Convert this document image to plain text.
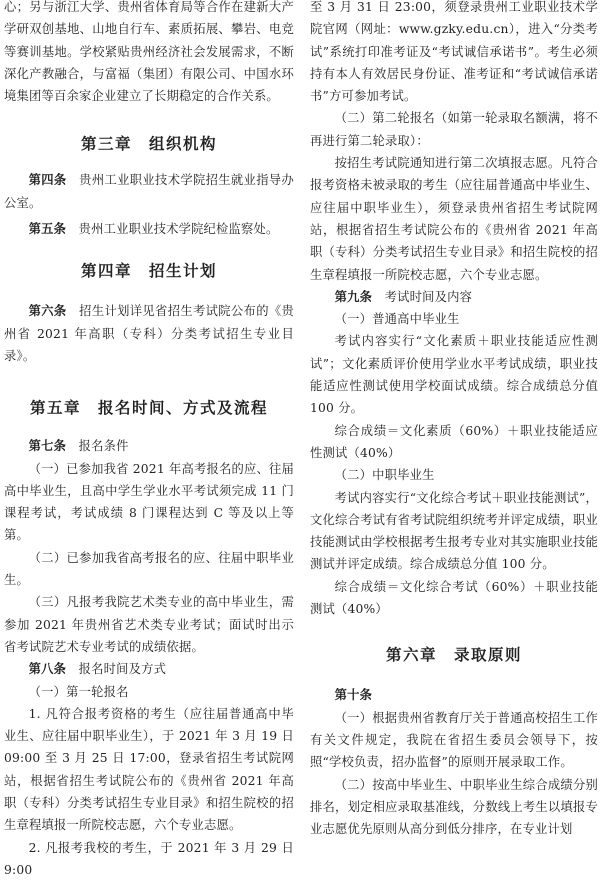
心；另与浙江大学、贵州省体育局等合作在建新大产学研双创基地、山地自行车、素质拓展、攀岩、电竞等赛训基地。学校紧贴贵州经济社会发展需求，不断深化产教融合，与富福（集团）有限公司、中国水环境集团等百余家企业建立了长期稳定的合作关系。

第三章　组织机构

第四条　贵州工业职业技术学院招生就业指导办公室。

第五条　贵州工业职业技术学院纪检监察处。

第四章　招生计划

第六条　招生计划详见省招生考试院公布的《贵州省 2021 年高职（专科）分类考试招生专业目录》。

第五章　报名时间、方式及流程

第七条　报名条件

（一）已参加我省 2021 年高考报名的应、往届高中毕业生，且高中学生学业水平考试须完成 11 门课程考试，考试成绩 8 门课程达到 C 等及以上等第。

（二）已参加我省高考报名的应、往届中职毕业生。

（三）凡报考我院艺术类专业的高中毕业生，需参加 2021 年贵州省艺术类专业考试；面试时出示省考试院艺术专业考试的成绩依据。

第八条　报名时间及方式

（一）第一轮报名

1. 凡符合报考资格的考生（应往届普通高中毕业生、应往届中职毕业生），于 2021 年 3 月 19 日 09:00 至 3 月 25 日 17:00，登录省招生考试院网站，根据省招生考试院公布的《贵州省 2021 年高职（专科）分类考试招生专业目录》和招生院校的招生章程填报一所院校志愿，六个专业志愿。

2. 凡报考我校的考生，于 2021 年 3 月 29 日 9:00

至 3 月 31 日 23:00，须登录贵州工业职业技术学院官网（网址：www.gzky.edu.cn），进入“分类考试”系统打印准考证及“考试诚信承诺书”。考生必须持有本人有效居民身份证、准考证和“考试诚信承诺书”方可参加考试。

（二）第二轮报名（如第一轮录取名额满，将不再进行第二轮录取）：

按招生考试院通知进行第二次填报志愿。凡符合报考资格未被录取的考生（应往届普通高中毕业生、应往届中职毕业生），须登录贵州省招生考试院网站，根据省招生考试院公布的《贵州省 2021 年高职（专科）分类考试招生专业目录》和招生院校的招生章程填报一所院校志愿，六个专业志愿。

第九条　考试时间及内容

（一）普通高中毕业生

考试内容实行“文化素质＋职业技能适应性测试”；文化素质评价使用学业水平考试成绩，职业技能适应性测试使用学校面试成绩。综合成绩总分值 100 分。

综合成绩＝文化素质（60%）＋职业技能适应性测试（40%）

（二）中职毕业生

考试内容实行“文化综合考试＋职业技能测试”，文化综合考试有省考试院组织统考并评定成绩，职业技能测试由学校根据考生报考专业对其实施职业技能测试并评定成绩。综合成绩总分值 100 分。

综合成绩＝文化综合考试（60%）＋职业技能测试（40%）

第六章　录取原则

第十条

（一）根据贵州省教育厅关于普通高校招生工作有关文件规定，我院在省招生委员会领导下，按照“学校负责，招办监督”的原则开展录取工作。

（二）按高中毕业生、中职毕业生综合成绩分别排名，划定相应录取基准线，分数线上考生以填报专业志愿优先原则从高分到低分排序，在专业计划
